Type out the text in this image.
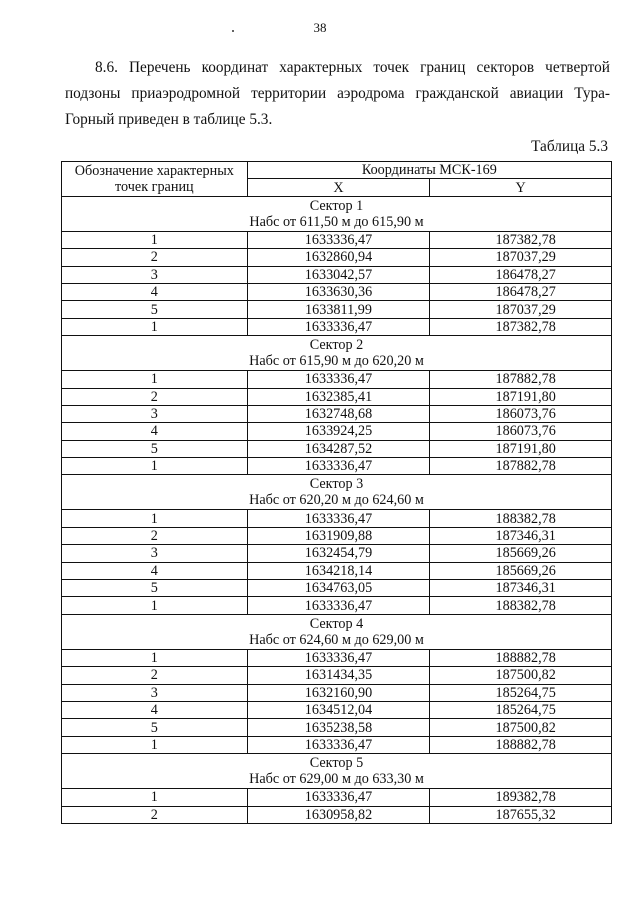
38

8.6. Перечень координат характерных точек границ секторов четвертой подзоны приаэродромной территории аэродрома гражданской авиации Тура-Горный приведен в таблице 5.3.

Таблица 5.3
Обозначение характерных точек границ	Координаты МСК-169	
	X	Y

Сектор 1
Набс от 611,50 м до 615,90 м		

1	1633336,47	187382,78
2	1632860,94	187037,29
3	1633042,57	186478,27
4	1633630,36	186478,27
5	1633811,99	187037,29
1	1633336,47	187382,78

Сектор 2
Набс от 615,90 м до 620,20 м		

1	1633336,47	187882,78
2	1632385,41	187191,80
3	1632748,68	186073,76
4	1633924,25	186073,76
5	1634287,52	187191,80
1	1633336,47	187882,78

Сектор 3
Набс от 620,20 м до 624,60 м		

1	1633336,47	188382,78
2	1631909,88	187346,31
3	1632454,79	185669,26
4	1634218,14	185669,26
5	1634763,05	187346,31
1	1633336,47	188382,78

Сектор 4
Набс от 624,60 м до 629,00 м		

1	1633336,47	188882,78
2	1631434,35	187500,82
3	1632160,90	185264,75
4	1634512,04	185264,75
5	1635238,58	187500,82
1	1633336,47	188882,78

Сектор 5
Набс от 629,00 м до 633,30 м		

1	1633336,47	189382,78
2	1630958,82	187655,32
